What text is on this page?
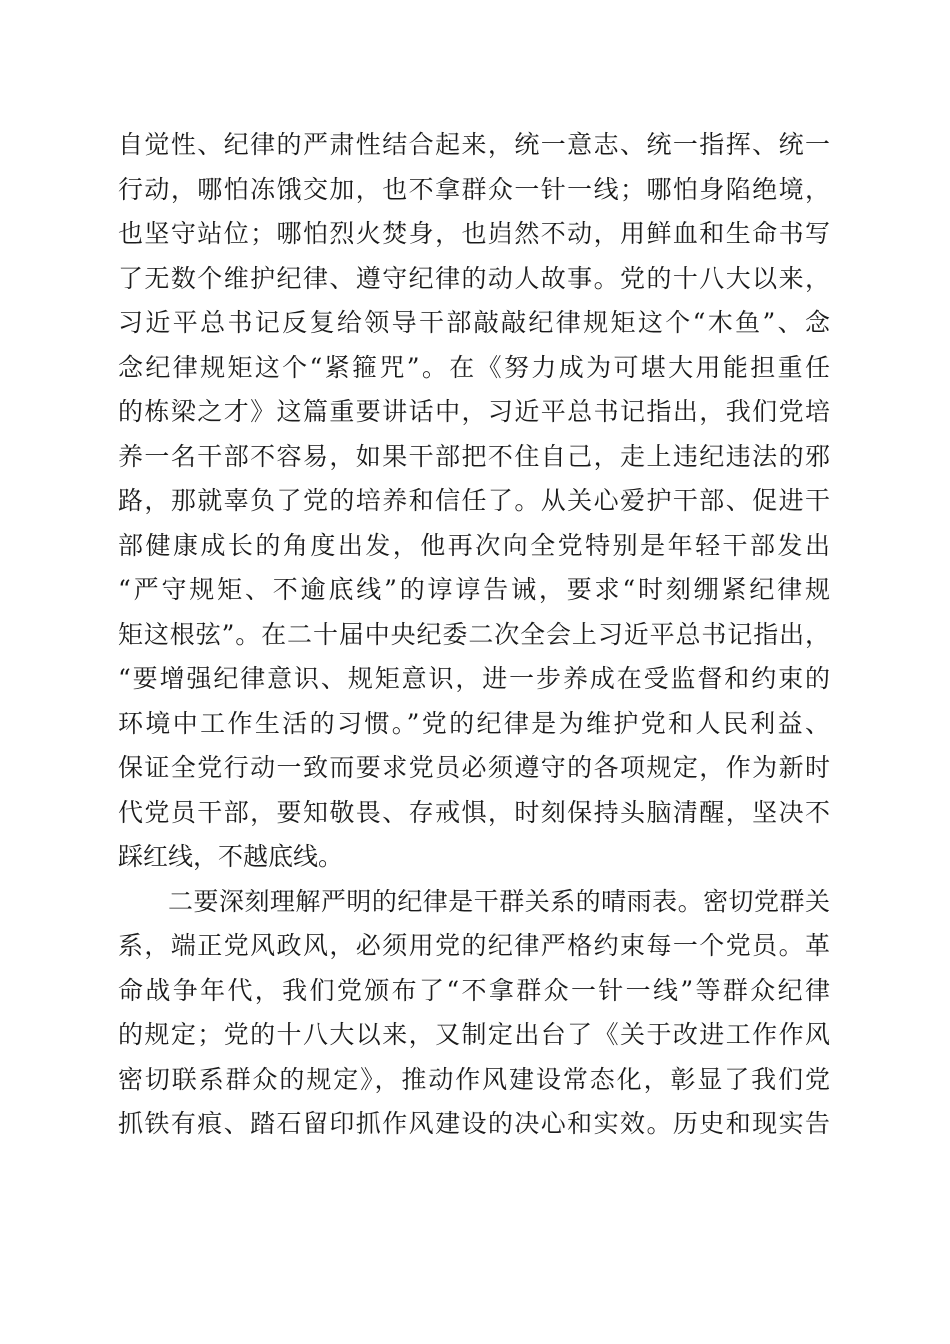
自觉性、纪律的严肃性结合起来，统一意志、统一指挥、统一
行动，哪怕冻饿交加，也不拿群众一针一线；哪怕身陷绝境，
也坚守站位；哪怕烈火焚身，也岿然不动，用鲜血和生命书写
了无数个维护纪律、遵守纪律的动人故事。党的十八大以来，
习近平总书记反复给领导干部敲敲纪律规矩这个“木鱼”、念
念纪律规矩这个“紧箍咒”。在《努力成为可堪大用能担重任
的栋梁之才》这篇重要讲话中，习近平总书记指出，我们党培
养一名干部不容易，如果干部把不住自己，走上违纪违法的邪
路，那就辜负了党的培养和信任了。从关心爱护干部、促进干
部健康成长的角度出发，他再次向全党特别是年轻干部发出
“严守规矩、不逾底线”的谆谆告诫，要求“时刻绷紧纪律规
矩这根弦”。在二十届中央纪委二次全会上习近平总书记指出，
“要增强纪律意识、规矩意识，进一步养成在受监督和约束的
环境中工作生活的习惯。”党的纪律是为维护党和人民利益、
保证全党行动一致而要求党员必须遵守的各项规定，作为新时
代党员干部，要知敬畏、存戒惧，时刻保持头脑清醒，坚决不
踩红线，不越底线。
二要深刻理解严明的纪律是干群关系的晴雨表。密切党群关
系，端正党风政风，必须用党的纪律严格约束每一个党员。革
命战争年代，我们党颁布了“不拿群众一针一线”等群众纪律
的规定；党的十八大以来，又制定出台了《关于改进工作作风
密切联系群众的规定》，推动作风建设常态化，彰显了我们党
抓铁有痕、踏石留印抓作风建设的决心和实效。历史和现实告
